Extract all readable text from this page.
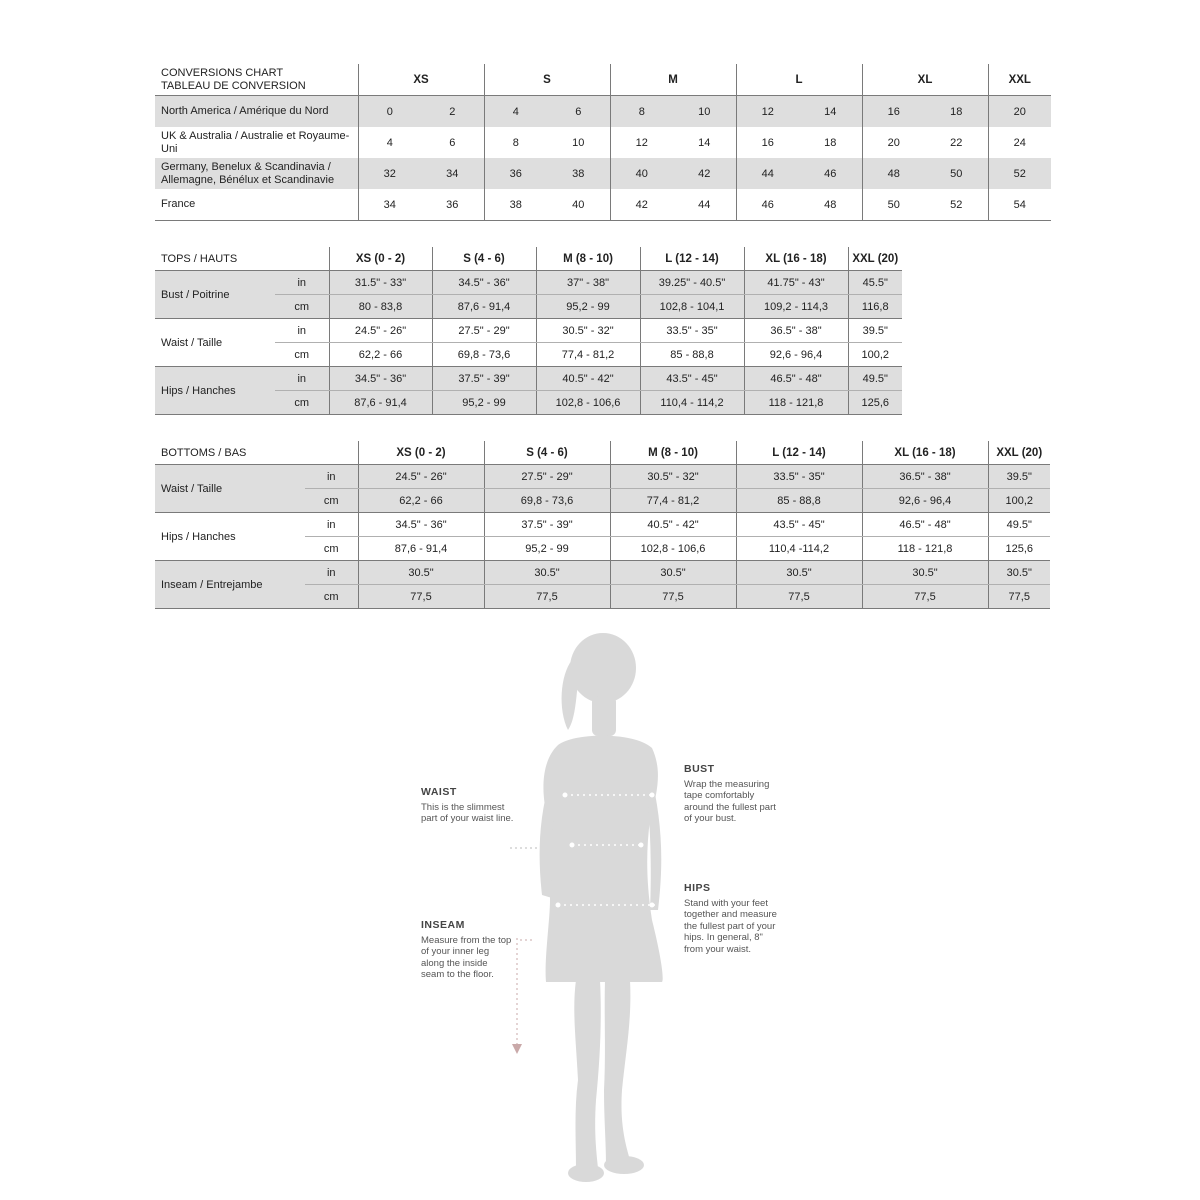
CONVERSIONS CHART
TABLEAU DE CONVERSION	XS		S		M		L		XL		XXL
North America / Amérique du Nord	0	2	4	6	8	10	12	14	16	18	20
UK & Australia / Australie et Royaume-Uni	4	6	8	10	12	14	16	18	20	22	24
Germany, Benelux & Scandinavia / Allemagne, Bénélux et Scandinavie	32	34	36	38	40	42	44	46	48	50	52
France	34	36	38	40	42	44	46	48	50	52	54
TOPS / HAUTS		XS (0 - 2)	S (4 - 6)	M (8 - 10)	L (12 - 14)	XL (16 - 18)	XXL (20)
Bust / Poitrine	in	31.5" - 33"	34.5" - 36"	37" - 38"	39.25" - 40.5"	41.75" - 43"	45.5"
	cm	80 - 83,8	87,6 - 91,4	95,2 - 99	102,8 - 104,1	109,2 - 114,3	116,8
Waist / Taille	in	24.5" - 26"	27.5" - 29"	30.5" - 32"	33.5" - 35"	36.5" - 38"	39.5"
	cm	62,2 - 66	69,8 - 73,6	77,4 - 81,2	85 - 88,8	92,6 - 96,4	100,2
Hips / Hanches	in	34.5" - 36"	37.5" - 39"	40.5" - 42"	43.5" - 45"	46.5" - 48"	49.5"
	cm	87,6 - 91,4	95,2 - 99	102,8 - 106,6	110,4 - 114,2	118 - 121,8	125,6
BOTTOMS / BAS		XS (0 - 2)	S (4 - 6)	M (8 - 10)	L (12 - 14)	XL (16 - 18)	XXL (20)
Waist / Taille	in	24.5" - 26"	27.5" - 29"	30.5" - 32"	33.5" - 35"	36.5" - 38"	39.5"
	cm	62,2 - 66	69,8 - 73,6	77,4 - 81,2	85 - 88,8	92,6 - 96,4	100,2
Hips / Hanches	in	34.5" - 36"	37.5" - 39"	40.5" - 42"	43.5" - 45"	46.5" - 48"	49.5"
	cm	87,6 - 91,4	95,2 - 99	102,8 - 106,6	110,4 -114,2	118 - 121,8	125,6
Inseam / Entrejambe	in	30.5"	30.5"	30.5"	30.5"	30.5"	30.5"
	cm	77,5	77,5	77,5	77,5	77,5	77,5
WAIST
This is the slimmest part of your waist line.
BUST
Wrap the measuring tape comfortably around the fullest part of your bust.
HIPS
Stand with your feet together and measure the fullest part of your hips. In general, 8" from your waist.
INSEAM
Measure from the top of your inner leg along the inside seam to the floor.
